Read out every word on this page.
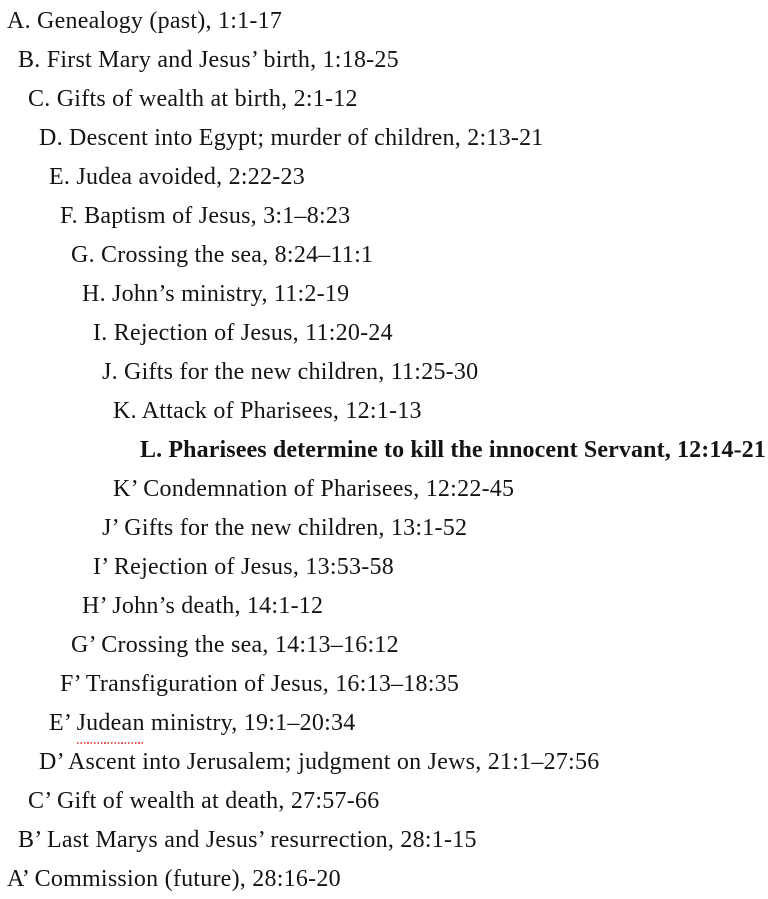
A. Genealogy (past), 1:1-17
B. First Mary and Jesus’ birth, 1:18-25
C. Gifts of wealth at birth, 2:1-12
D. Descent into Egypt; murder of children, 2:13-21
E. Judea avoided, 2:22-23
F. Baptism of Jesus, 3:1–8:23
G. Crossing the sea, 8:24–11:1
H. John’s ministry, 11:2-19
I. Rejection of Jesus, 11:20-24
J. Gifts for the new children, 11:25-30
K. Attack of Pharisees, 12:1-13
L. Pharisees determine to kill the innocent Servant, 12:14-21
K’ Condemnation of Pharisees, 12:22-45
J’ Gifts for the new children, 13:1-52
I’ Rejection of Jesus, 13:53-58
H’ John’s death, 14:1-12
G’ Crossing the sea, 14:13–16:12
F’ Transfiguration of Jesus, 16:13–18:35
E’ Judean ministry, 19:1–20:34
D’ Ascent into Jerusalem; judgment on Jews, 21:1–27:56
C’ Gift of wealth at death, 27:57-66
B’ Last Marys and Jesus’ resurrection, 28:1-15
A’ Commission (future), 28:16-20
